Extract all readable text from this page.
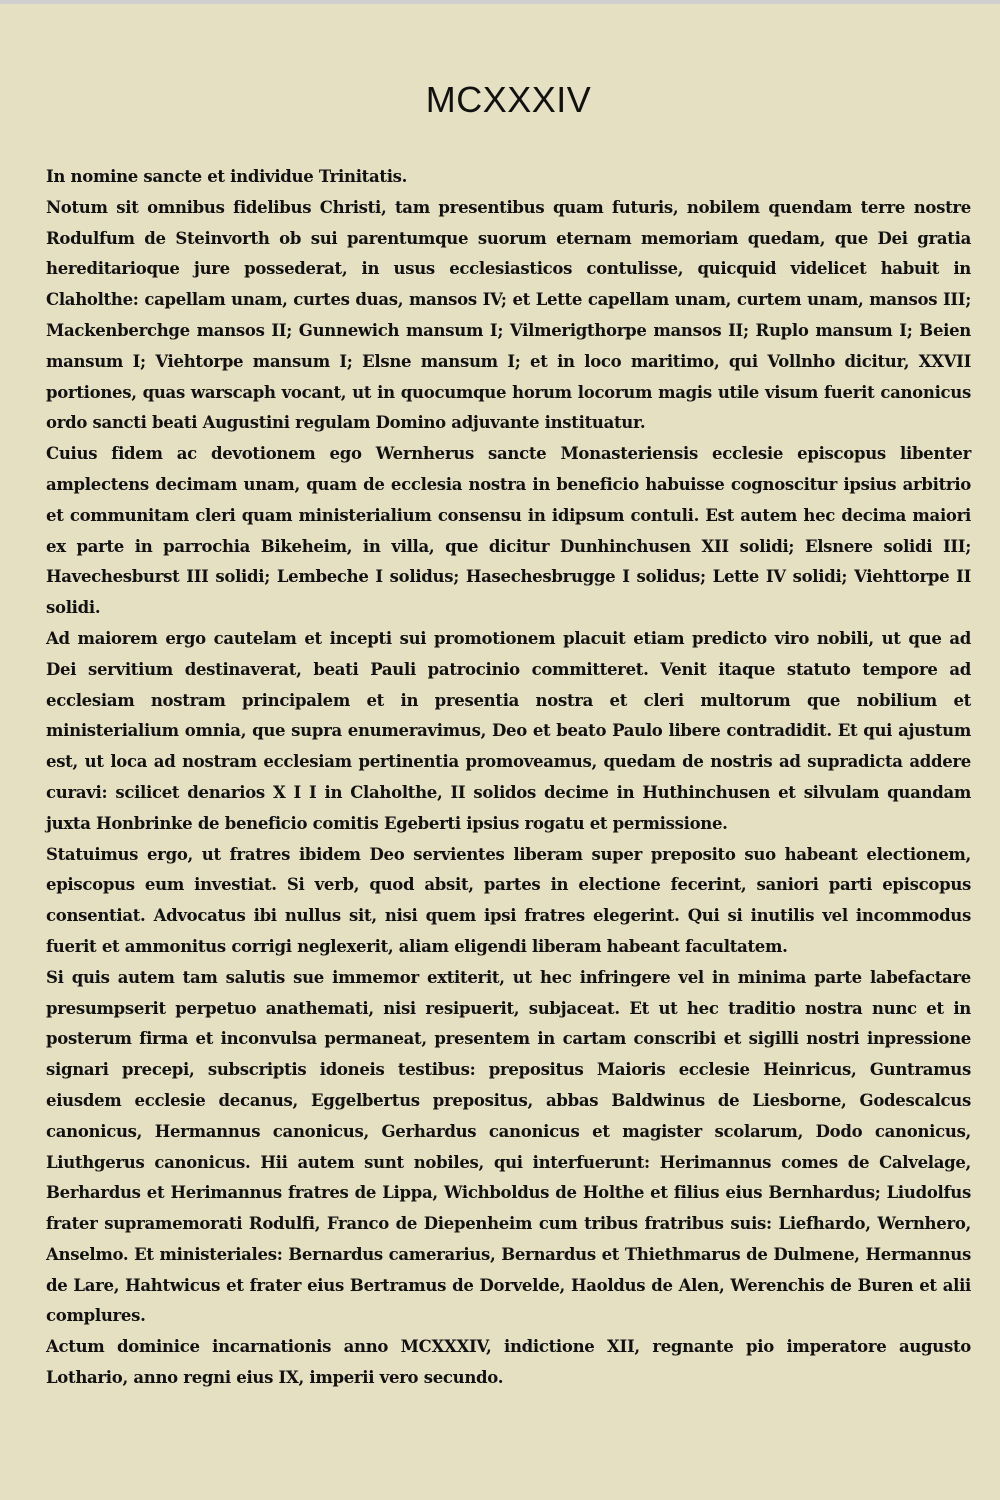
MCXXXIV

In nomine sancte et individue Trinitatis.

Notum sit omnibus fidelibus Christi, tam presentibus quam futuris, nobilem quendam terre nostre Rodulfum de Steinvorth ob sui parentumque suorum eternam memoriam quedam, que Dei gratia hereditarioque jure possederat, in usus ecclesiasticos contulisse, quicquid videlicet habuit in Claholthe: capellam unam, curtes duas, mansos IV; et Lette capellam unam, curtem unam, mansos III; Mackenberchge mansos II; Gunnewich mansum I; Vilmerigthorpe mansos II; Ruplo mansum I; Beien mansum I; Viehtorpe mansum I; Elsne mansum I; et in loco maritimo, qui Vollnho dicitur, XXVII portiones, quas warscaph vocant, ut in quocumque horum locorum magis utile visum fuerit canonicus ordo sancti beati Augustini regulam Domino adjuvante instituatur.

Cuius fidem ac devotionem ego Wernherus sancte Monasteriensis ecclesie episcopus libenter amplectens decimam unam, quam de ecclesia nostra in beneficio habuisse cognoscitur ipsius arbitrio et communitam cleri quam ministerialium consensu in idipsum contuli. Est autem hec decima maiori ex parte in parrochia Bikeheim, in villa, que dicitur Dunhinchusen XII solidi; Elsnere solidi III; Havechesburst III solidi; Lembeche I solidus; Hasechesbrugge I solidus; Lette IV solidi; Viehttorpe II solidi.

Ad maiorem ergo cautelam et incepti sui promotionem placuit etiam predicto viro nobili, ut que ad Dei servitium destinaverat, beati Pauli patrocinio committeret. Venit itaque statuto tempore ad ecclesiam nostram principalem et in presentia nostra et cleri multorum que nobilium et ministerialium omnia, que supra enumeravimus, Deo et beato Paulo libere contradidit. Et qui ajustum est, ut loca ad nostram ecclesiam pertinentia promoveamus, quedam de nostris ad supradicta addere curavi: scilicet denarios X I I in Claholthe, II solidos decime in Huthinchusen et silvulam quandam juxta Honbrinke de beneficio comitis Egeberti ipsius rogatu et permissione.

Statuimus ergo, ut fratres ibidem Deo servientes liberam super preposito suo habeant electionem, episcopus eum investiat. Si verb, quod absit, partes in electione fecerint, saniori parti episcopus consentiat. Advocatus ibi nullus sit, nisi quem ipsi fratres elegerint. Qui si inutilis vel incommodus fuerit et ammonitus corrigi neglexerit, aliam eligendi liberam habeant facultatem.

Si quis autem tam salutis sue immemor extiterit, ut hec infringere vel in minima parte labefactare presumpserit perpetuo anathemati, nisi resipuerit, subjaceat. Et ut hec traditio nostra nunc et in posterum firma et inconvulsa permaneat, presentem in cartam conscribi et sigilli nostri inpressione signari precepi, subscriptis idoneis testibus: prepositus Maioris ecclesie Heinricus, Guntramus eiusdem ecclesie decanus, Eggelbertus prepositus, abbas Baldwinus de Liesborne, Godescalcus canonicus, Hermannus canonicus, Gerhardus canonicus et magister scolarum, Dodo canonicus, Liuthgerus canonicus. Hii autem sunt nobiles, qui interfuerunt: Herimannus comes de Calvelage, Berhardus et Herimannus fratres de Lippa, Wichboldus de Holthe et filius eius Bernhardus; Liudolfus frater supramemorati Rodulfi, Franco de Diepenheim cum tribus fratribus suis: Liefhardo, Wernhero, Anselmo. Et ministeriales: Bernardus camerarius, Bernardus et Thiethmarus de Dulmene, Hermannus de Lare, Hahtwicus et frater eius Bertramus de Dorvelde, Haoldus de Alen, Werenchis de Buren et alii complures.

Actum dominice incarnationis anno MCXXXIV, indictione XII, regnante pio imperatore augusto Lothario, anno regni eius IX, imperii vero secundo.
